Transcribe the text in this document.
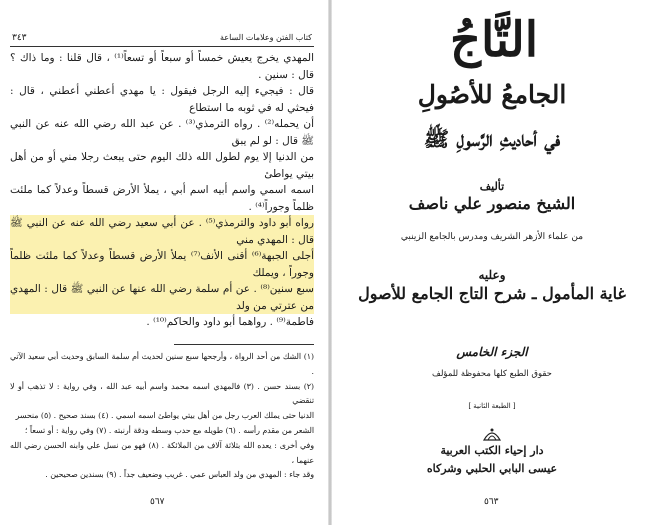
٣٤٣	كتاب الفتن وعلامات الساعة

المهدي يخرج يعيش خمساً أو سبعاً أو تسعاً⁽¹⁾ ، قال قلنا : وما ذاك ؟ قال : سنين .

قال : فيجيء إليه الرجل فيقول : يا مهدي أعطني أعطني ، قال : فيحثي له في ثوبه ما استطاع

أن يحمله⁽²⁾ . رواه الترمذي⁽³⁾ . عن عبد الله رضي الله عنه عن النبي ﷺ قال : لو لم يبق

من الدنيا إلا يوم لطول الله ذلك اليوم حتى يبعث رجلا مني أو من أهل بيتي يواطئ

اسمه اسمي واسم أبيه اسم أبي ، يملأ الأرض قسطاً وعدلاً كما ملئت ظلماً وجوراً⁽⁴⁾ .

رواه أبو داود والترمذي⁽⁵⁾ . عن أبي سعيد رضي الله عنه عن النبي ﷺ قال : المهدي مني

أجلى الجبهة⁽⁶⁾ أقنى الأنف⁽⁷⁾ يملأ الأرض قسطاً وعدلاً كما ملئت ظلماً وجوراً ، ويملك

سبع سنين⁽⁸⁾ . عن أم سلمة رضي الله عنها عن النبي ﷺ قال : المهدي من عترتي من ولد

فاطمة⁽⁹⁾ . رواهما أبو داود والحاكم⁽¹⁰⁾ .

(١) الشك من أحد الرواة ، وأرجحها سبع سنين لحديث أم سلمة السابق وحديث أبي سعيد الآتي .

(٢) بسند حسن . (٣) فالمهدي اسمه محمد واسم أبيه عبد الله ، وفي رواية : لا تذهب أو لا تنقضي

الدنيا حتى يملك العرب رجل من أهل بيتي يواطئ اسمه اسمي . (٤) بسند صحيح . (٥) منحسر

الشعر من مقدم رأسه . (٦) طويله مع حدب وسطه ودقة أرنبته . (٧) وفي رواية : أو تسعاً ؛

وفي أخرى : يعده الله بثلاثة آلاف من الملائكة . (٨) فهو من نسل علي وابنه الحسن رضي الله عنهما ،

وقد جاء : المهدي من ولد العباس عمي . غريب وضعيف جداً . (٩) بسندين صحيحين .

٥٦٧
التَّاجُ
الجامعُ للأصُولِ
في أحاديثِ الرَّسولِ ﷺ
تأليف
الشيخ منصور علي ناصف
من علماء الأزهر الشريف ومدرس بالجامع الزينبي
وعليه
غاية المأمول ـ شرح التاج الجامع للأصول
الجزء الخامس
حقوق الطبع كلها محفوظة للمؤلف
[ الطبعة الثانية ]
دار إحياء الكتب العربية
عيسى البابي الحلبي وشركاه
٥٦٣
